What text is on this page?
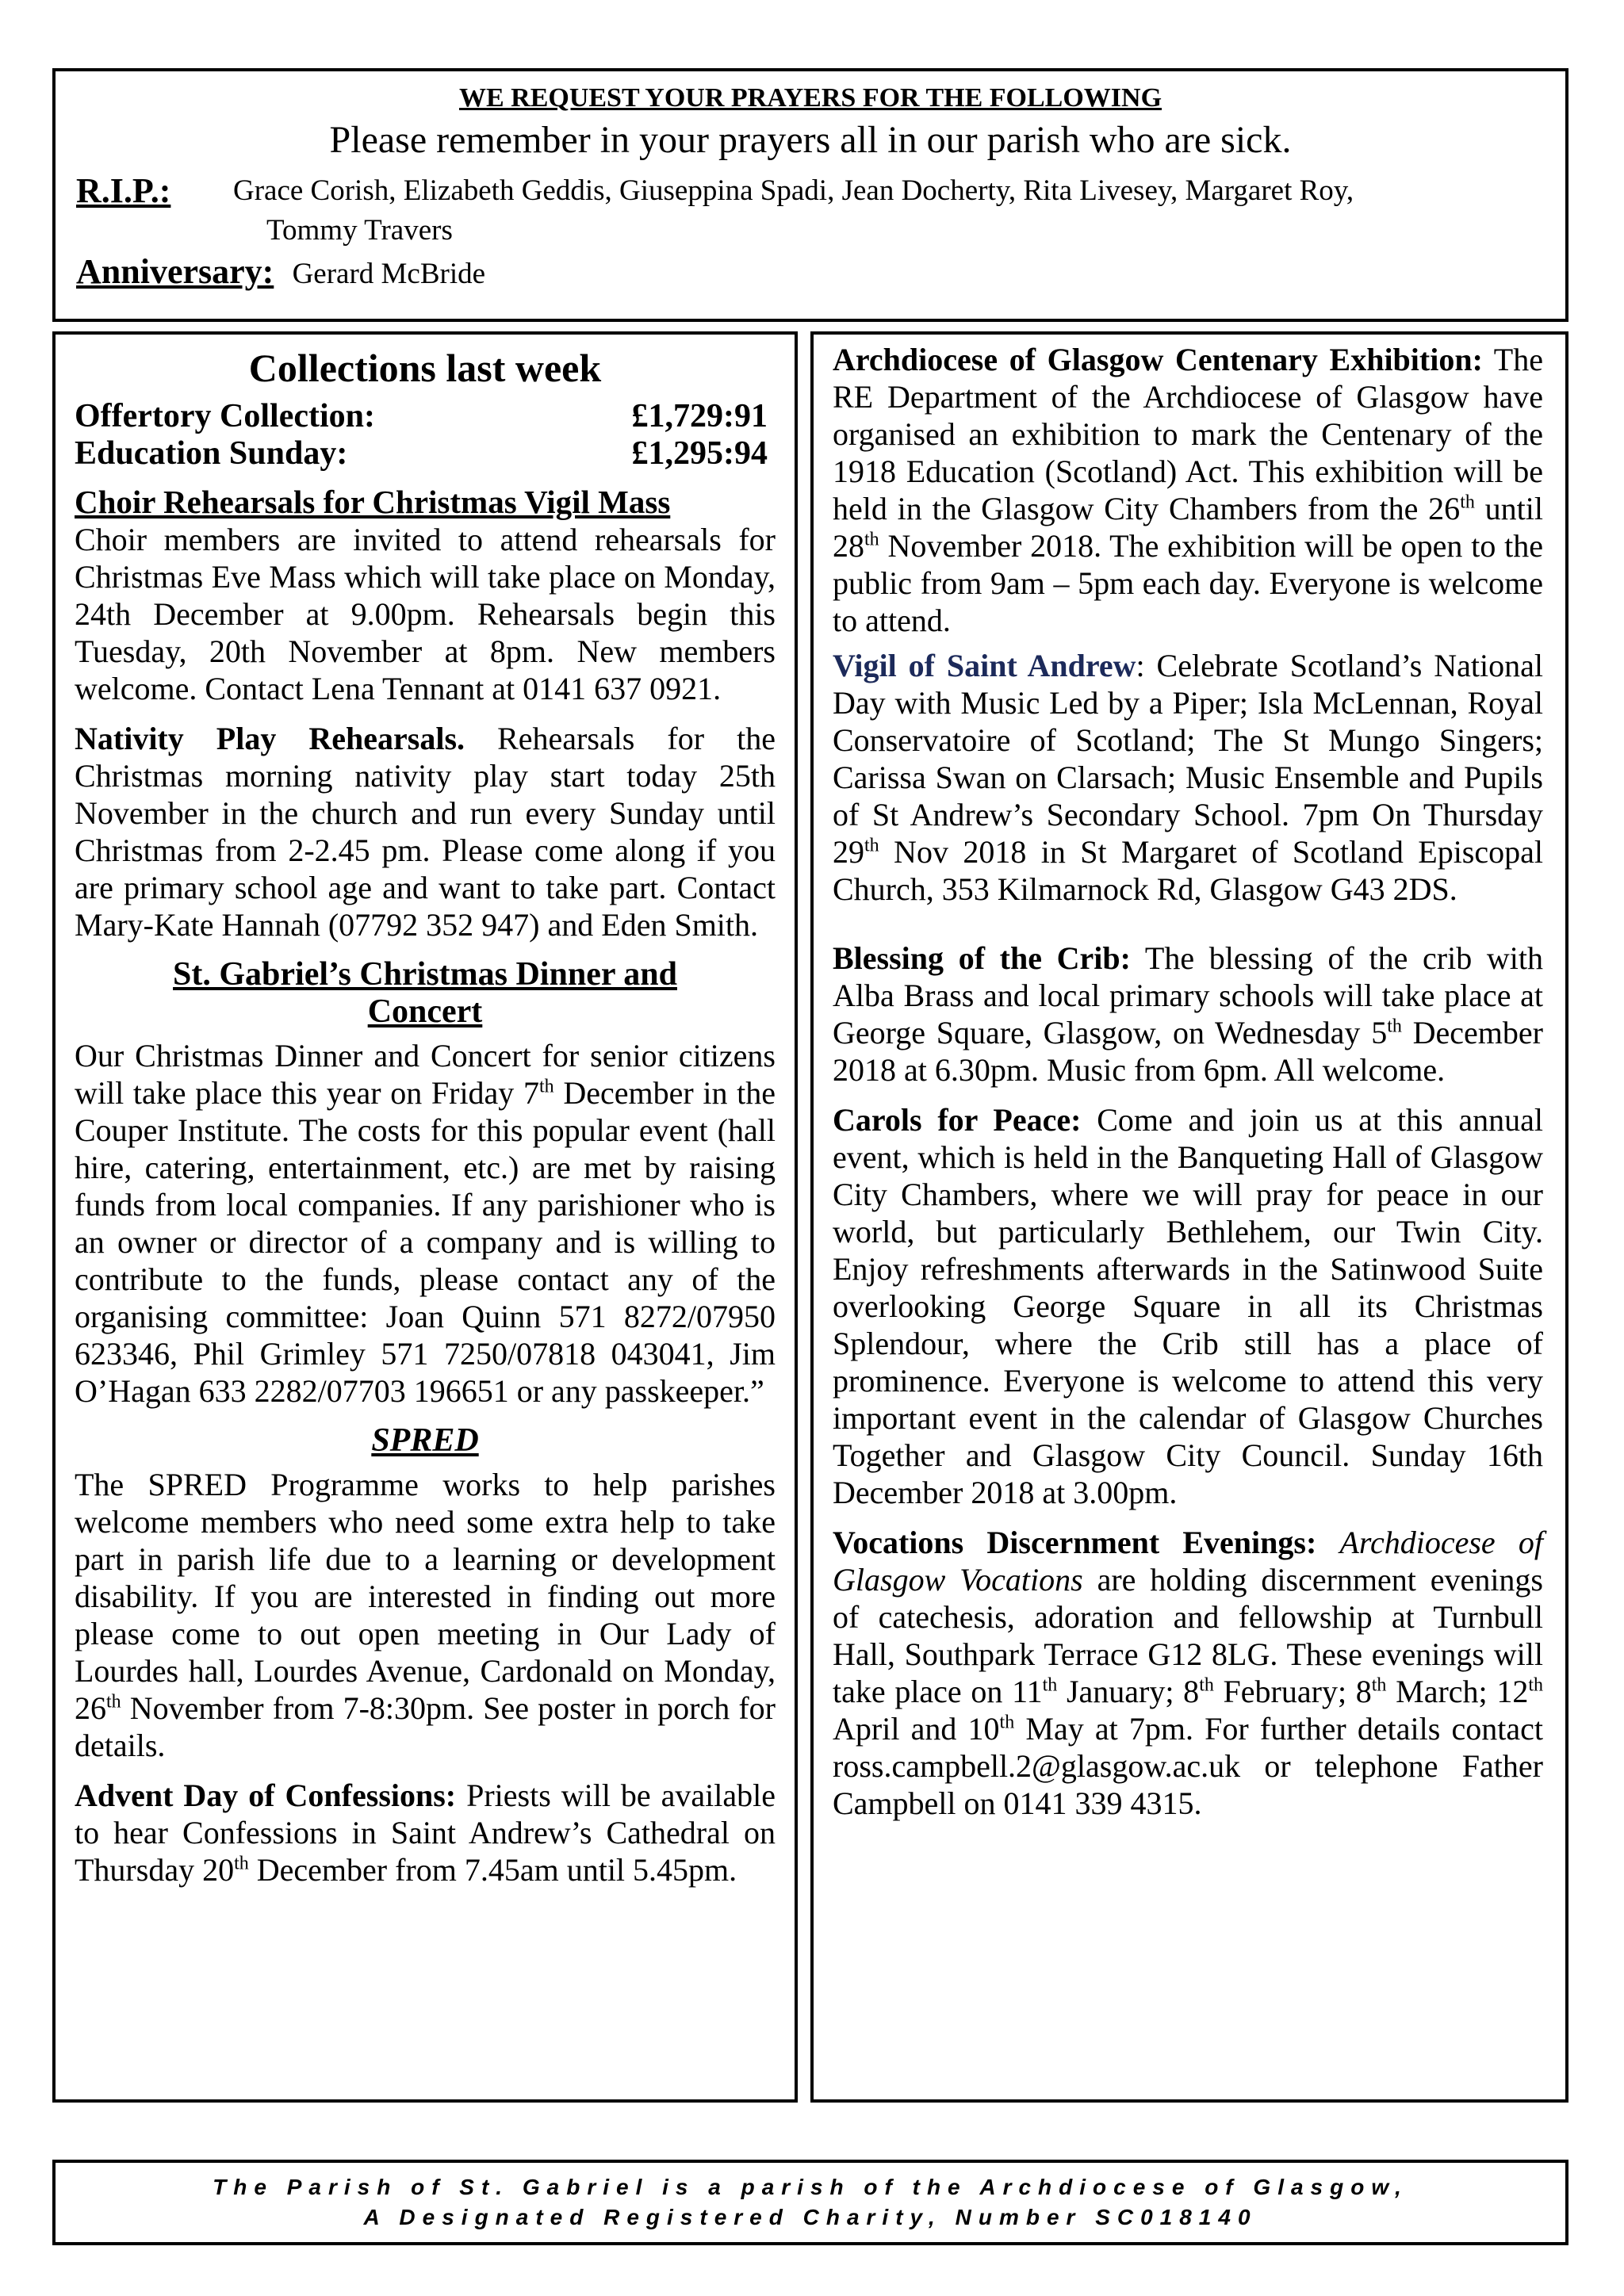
WE REQUEST YOUR PRAYERS FOR THE FOLLOWING
Please remember in your prayers all in our parish who are sick.
R.I.P.:	Grace Corish, Elizabeth Geddis, Giuseppina Spadi, Jean Docherty, Rita Livesey, Margaret Roy,
Tommy Travers
Anniversary: Gerard McBride
Collections last week
Offertory Collection:	£1,729:91
Education Sunday:	£1,295:94
Choir Rehearsals for Christmas Vigil Mass

Choir members are invited to attend rehearsals for Christmas Eve Mass which will take place on Monday, 24th December at 9.00pm. Rehearsals begin this Tuesday, 20th November at 8pm. New members welcome. Contact Lena Tennant at 0141 637 0921.

Nativity Play Rehearsals. Rehearsals for the Christmas morning nativity play start today 25th November in the church and run every Sunday until Christmas from 2-2.45 pm. Please come along if you are primary school age and want to take part. Contact Mary-Kate Hannah (07792 352 947) and Eden Smith.

St. Gabriel’s Christmas Dinner and Concert

Our Christmas Dinner and Concert for senior citizens will take place this year on Friday 7th December in the Couper Institute. The costs for this popular event (hall hire, catering, entertainment, etc.) are met by raising funds from local companies. If any parishioner who is an owner or director of a company and is willing to contribute to the funds, please contact any of the organising committee: Joan Quinn 571 8272/07950 623346, Phil Grimley 571 7250/07818 043041, Jim O’Hagan 633 2282/07703 196651 or any passkeeper.”

SPRED

The SPRED Programme works to help parishes welcome members who need some extra help to take part in parish life due to a learning or development disability. If you are interested in finding out more please come to out open meeting in Our Lady of Lourdes hall, Lourdes Avenue, Cardonald on Monday, 26th November from 7-8:30pm. See poster in porch for details.

Advent Day of Confessions: Priests will be available to hear Confessions in Saint Andrew’s Cathedral on Thursday 20th December from 7.45am until 5.45pm.

Archdiocese of Glasgow Centenary Exhibition: The RE Department of the Archdiocese of Glasgow have organised an exhibition to mark the Centenary of the 1918 Education (Scotland) Act. This exhibition will be held in the Glasgow City Chambers from the 26th until 28th November 2018. The exhibition will be open to the public from 9am – 5pm each day. Everyone is welcome to attend.

Vigil of Saint Andrew: Celebrate Scotland’s National Day with Music Led by a Piper; Isla McLennan, Royal Conservatoire of Scotland; The St Mungo Singers; Carissa Swan on Clarsach; Music Ensemble and Pupils of St Andrew’s Secondary School. 7pm On Thursday 29th Nov 2018 in St Margaret of Scotland Episcopal Church, 353 Kilmarnock Rd, Glasgow G43 2DS.

Blessing of the Crib: The blessing of the crib with Alba Brass and local primary schools will take place at George Square, Glasgow, on Wednesday 5th December 2018 at 6.30pm. Music from 6pm. All welcome.

Carols for Peace: Come and join us at this annual event, which is held in the Banqueting Hall of Glasgow City Chambers, where we will pray for peace in our world, but particularly Bethlehem, our Twin City. Enjoy refreshments afterwards in the Satinwood Suite overlooking George Square in all its Christmas Splendour, where the Crib still has a place of prominence. Everyone is welcome to attend this very important event in the calendar of Glasgow Churches Together and Glasgow City Council. Sunday 16th December 2018 at 3.00pm.

Vocations Discernment Evenings: Archdiocese of Glasgow Vocations are holding discernment evenings of catechesis, adoration and fellowship at Turnbull Hall, Southpark Terrace G12 8LG. These evenings will take place on 11th January; 8th February; 8th March; 12th April and 10th May at 7pm. For further details contact ross.campbell.2@glasgow.ac.uk or telephone Father Campbell on 0141 339 4315.

The Parish of St. Gabriel is a parish of the Archdiocese of Glasgow,
A Designated Registered Charity, Number SC018140
